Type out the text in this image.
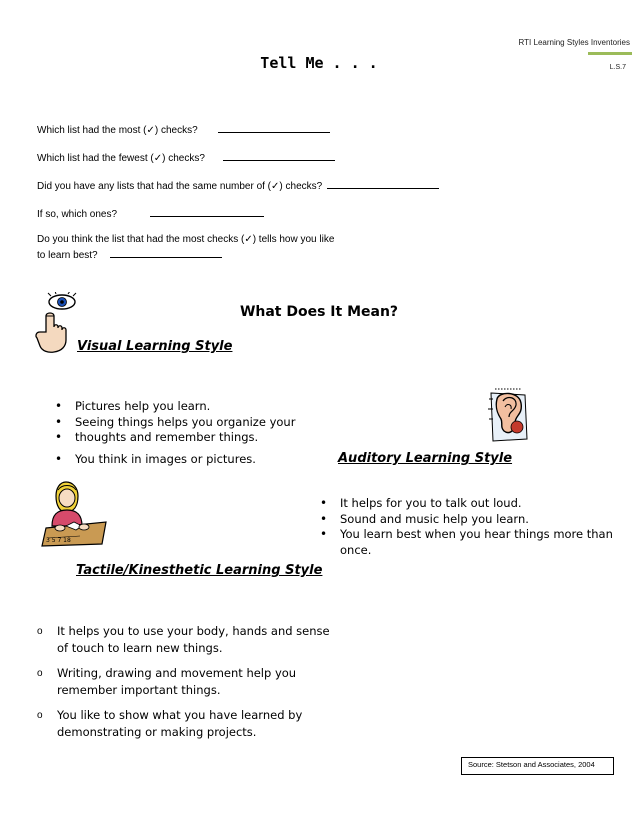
RTI Learning Styles Inventories
L.S.7
Tell Me . . .
Which list had the most (✓) checks?
Which list had the fewest (✓) checks?
Did you have any lists that had the same number of (✓) checks?
If so, which ones?
Do you think the list that had the most checks (✓) tells how you like
to learn best?
What Does It Mean?
Visual Learning Style
• Pictures help you learn.
• Seeing things helps you organize your
• thoughts and remember things.
• You think in images or pictures.	Auditory Learning Style
3 5 7 18
• It helps for you to talk out loud.
• Sound and music help you learn.
• You learn best when you hear things more than
once.
Tactile/Kinesthetic Learning Style
o It helps you to use your body, hands and sense
of touch to learn new things.
o Writing, drawing and movement help you
remember important things.
o You like to show what you have learned by
demonstrating or making projects.
Source: Stetson and Associates, 2004
